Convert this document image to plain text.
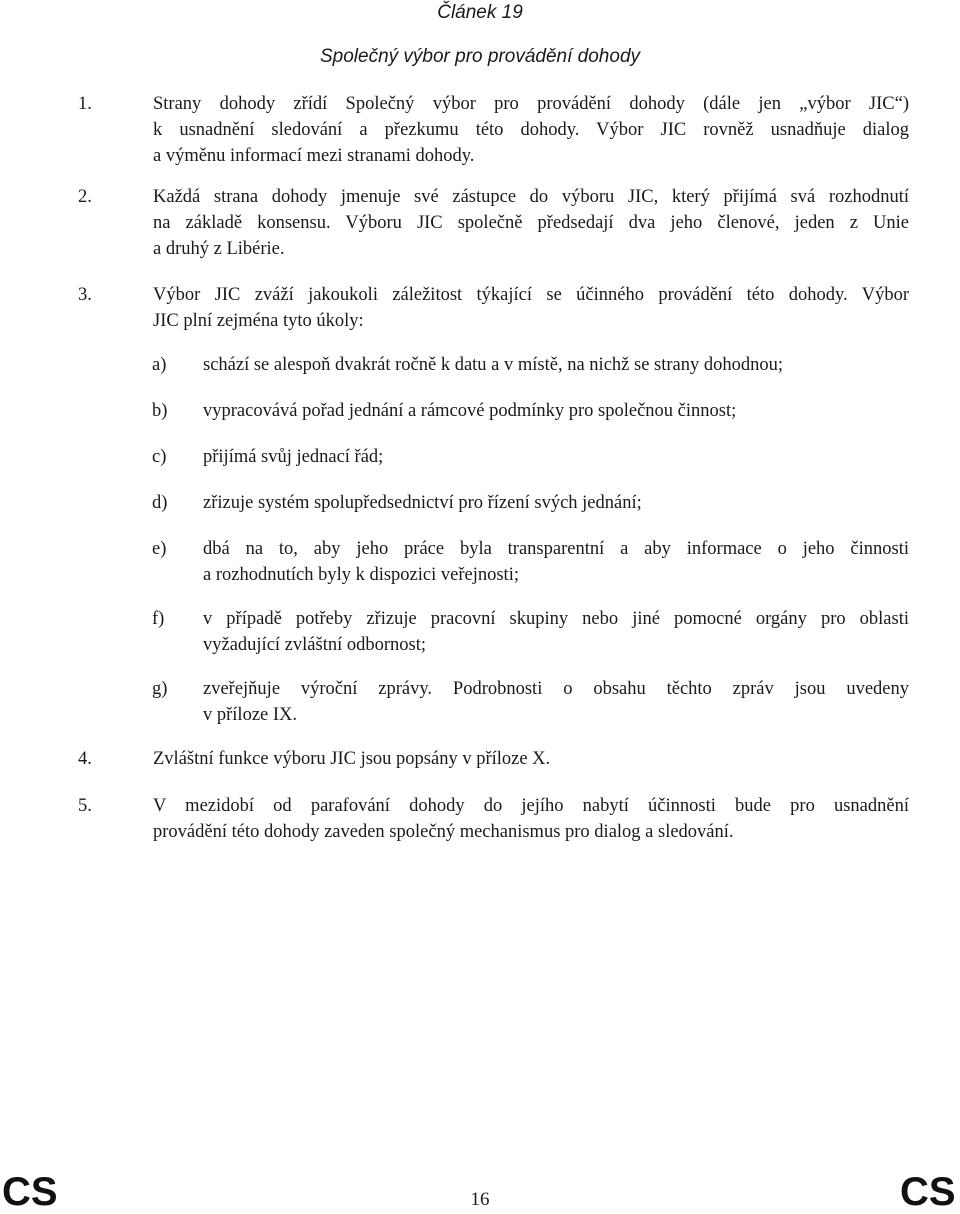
Článek 19
Společný výbor pro provádění dohody
1.	Strany dohody zřídí Společný výbor pro provádění dohody (dále jen „výbor JIC“)
k usnadnění sledování a přezkumu této dohody. Výbor JIC rovněž usnadňuje dialog
a výměnu informací mezi stranami dohody.
2.	Každá strana dohody jmenuje své zástupce do výboru JIC, který přijímá svá rozhodnutí
na základě konsensu. Výboru JIC společně předsedají dva jeho členové, jeden z Unie
a druhý z Libérie.
3.	Výbor JIC zváží jakoukoli záležitost týkající se účinného provádění této dohody. Výbor
JIC plní zejména tyto úkoly:
a) schází se alespoň dvakrát ročně k datu a v místě, na nichž se strany dohodnou;
b) vypracovává pořad jednání a rámcové podmínky pro společnou činnost;
c) přijímá svůj jednací řád;
d) zřizuje systém spolupředsednictví pro řízení svých jednání;
e) dbá na to, aby jeho práce byla transparentní a aby informace o jeho činnosti
a rozhodnutích byly k dispozici veřejnosti;
f) v případě potřeby zřizuje pracovní skupiny nebo jiné pomocné orgány pro oblasti
vyžadující zvláštní odbornost;
g) zveřejňuje výroční zprávy. Podrobnosti o obsahu těchto zpráv jsou uvedeny
v příloze IX.
4.	Zvláštní funkce výboru JIC jsou popsány v příloze X.
5.	V mezidobí od parafování dohody do jejího nabytí účinnosti bude pro usnadnění
provádění této dohody zaveden společný mechanismus pro dialog a sledování.
CS	16	CS
